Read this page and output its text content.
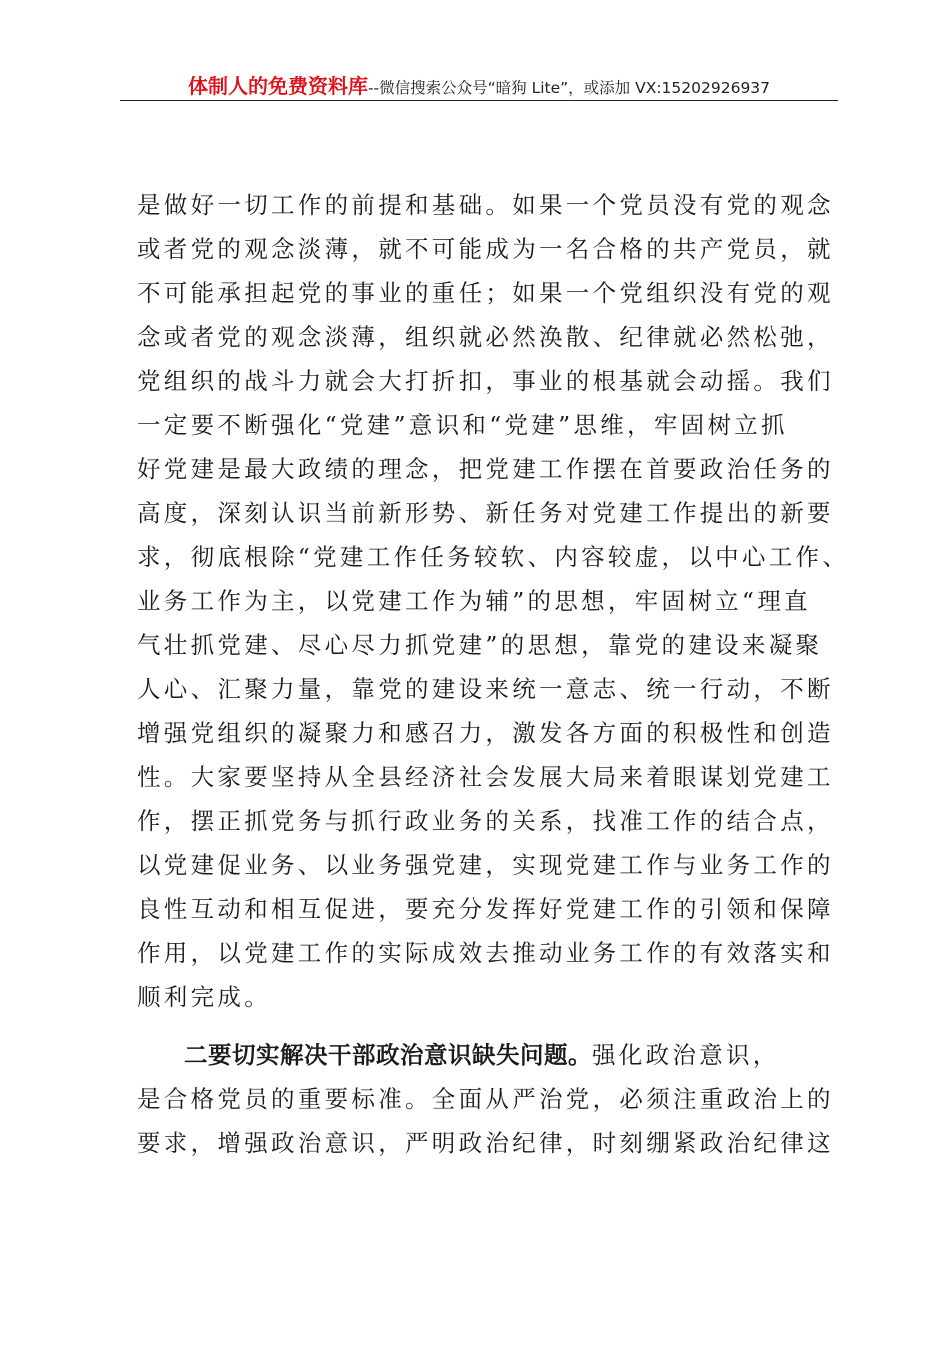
体制人的免费资料库--微信搜索公众号“暗狗 Lite”，或添加 VX:15202926937
是做好一切工作的前提和基础。如果一个党员没有党的观念
或者党的观念淡薄，就不可能成为一名合格的共产党员，就
不可能承担起党的事业的重任；如果一个党组织没有党的观
念或者党的观念淡薄，组织就必然涣散、纪律就必然松弛，
党组织的战斗力就会大打折扣，事业的根基就会动摇。我们
一定要不断强化“党建”意识和“党建”思维，牢固树立抓
好党建是最大政绩的理念，把党建工作摆在首要政治任务的
高度，深刻认识当前新形势、新任务对党建工作提出的新要
求，彻底根除“党建工作任务较软、内容较虚，以中心工作、
业务工作为主，以党建工作为辅”的思想，牢固树立“理直
气壮抓党建、尽心尽力抓党建”的思想，靠党的建设来凝聚
人心、汇聚力量，靠党的建设来统一意志、统一行动，不断
增强党组织的凝聚力和感召力，激发各方面的积极性和创造
性。大家要坚持从全县经济社会发展大局来着眼谋划党建工
作，摆正抓党务与抓行政业务的关系，找准工作的结合点，
以党建促业务、以业务强党建，实现党建工作与业务工作的
良性互动和相互促进，要充分发挥好党建工作的引领和保障
作用，以党建工作的实际成效去推动业务工作的有效落实和
顺利完成。
二要切实解决干部政治意识缺失问题。强化政治意识，
是合格党员的重要标准。全面从严治党，必须注重政治上的
要求，增强政治意识，严明政治纪律，时刻绷紧政治纪律这
